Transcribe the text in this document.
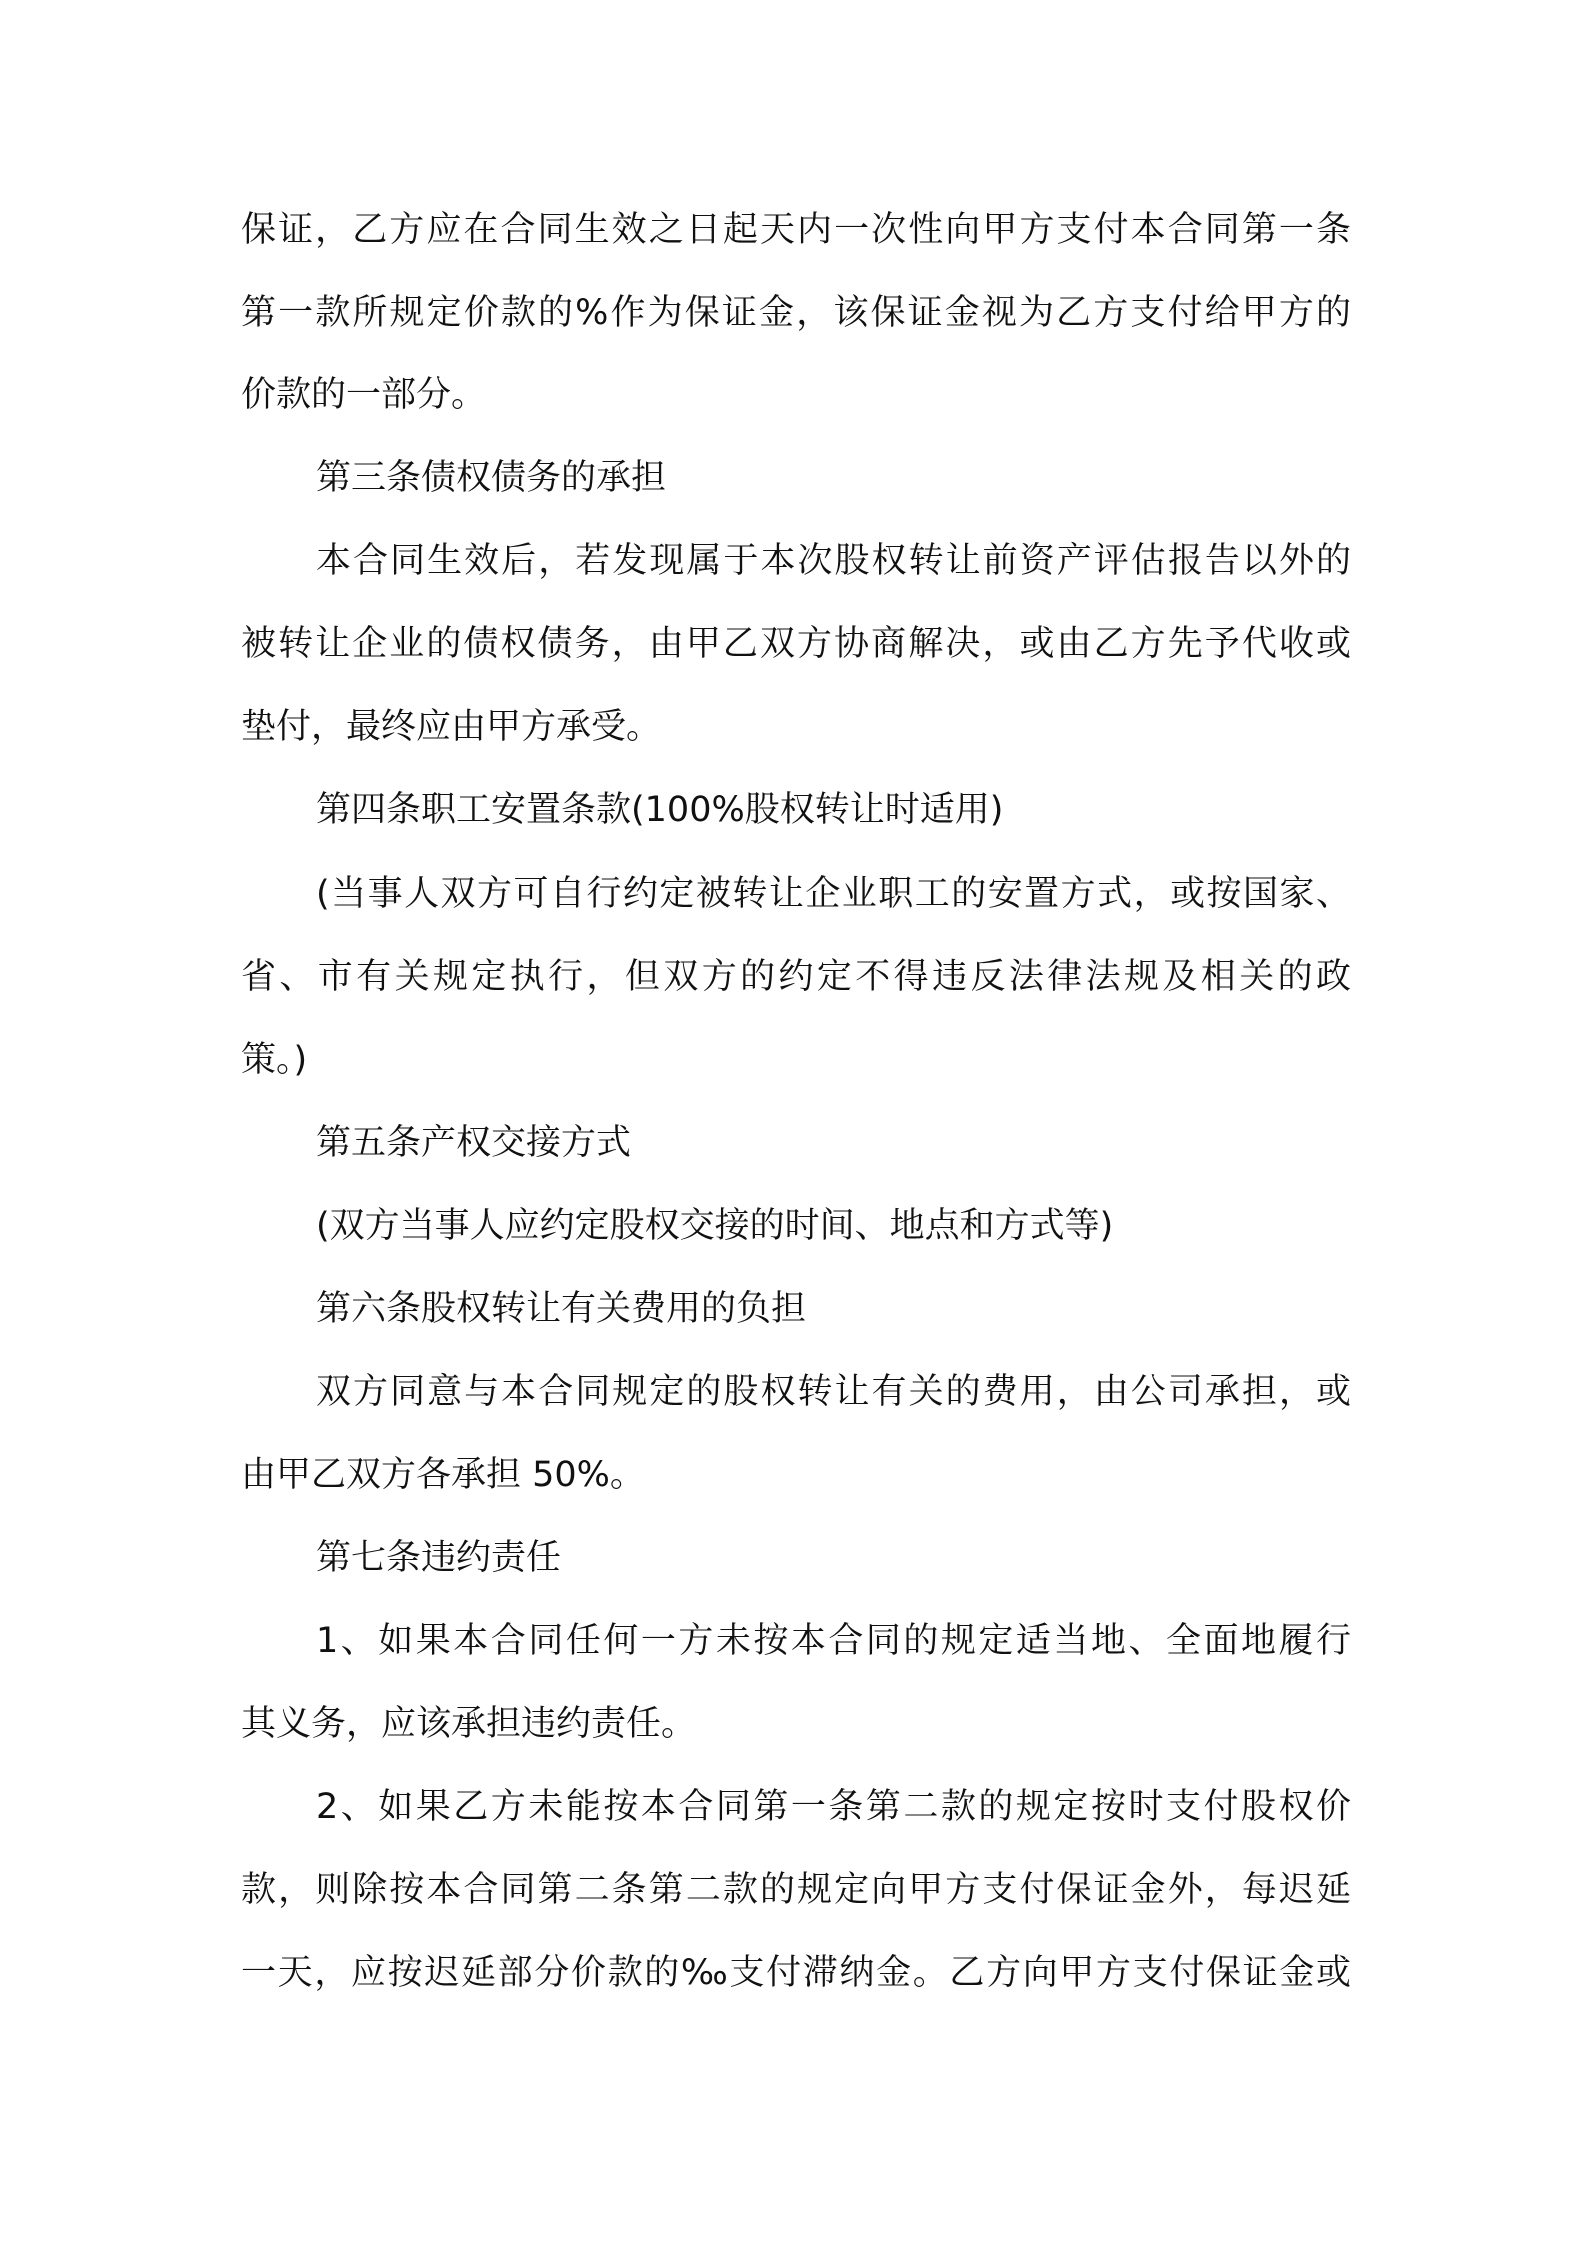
保证，乙方应在合同生效之日起天内一次性向甲方支付本合同第一条
第一款所规定价款的%作为保证金，该保证金视为乙方支付给甲方的
价款的一部分。
第三条债权债务的承担
本合同生效后，若发现属于本次股权转让前资产评估报告以外的
被转让企业的债权债务，由甲乙双方协商解决，或由乙方先予代收或
垫付，最终应由甲方承受。
第四条职工安置条款(100%股权转让时适用)
(当事人双方可自行约定被转让企业职工的安置方式，或按国家、
省、市有关规定执行，但双方的约定不得违反法律法规及相关的政
策。)
第五条产权交接方式
(双方当事人应约定股权交接的时间、地点和方式等)
第六条股权转让有关费用的负担
双方同意与本合同规定的股权转让有关的费用，由公司承担，或
由甲乙双方各承担 50%。
第七条违约责任
1、如果本合同任何一方未按本合同的规定适当地、全面地履行
其义务，应该承担违约责任。
2、如果乙方未能按本合同第一条第二款的规定按时支付股权价
款，则除按本合同第二条第二款的规定向甲方支付保证金外，每迟延
一天，应按迟延部分价款的‰支付滞纳金。乙方向甲方支付保证金或
